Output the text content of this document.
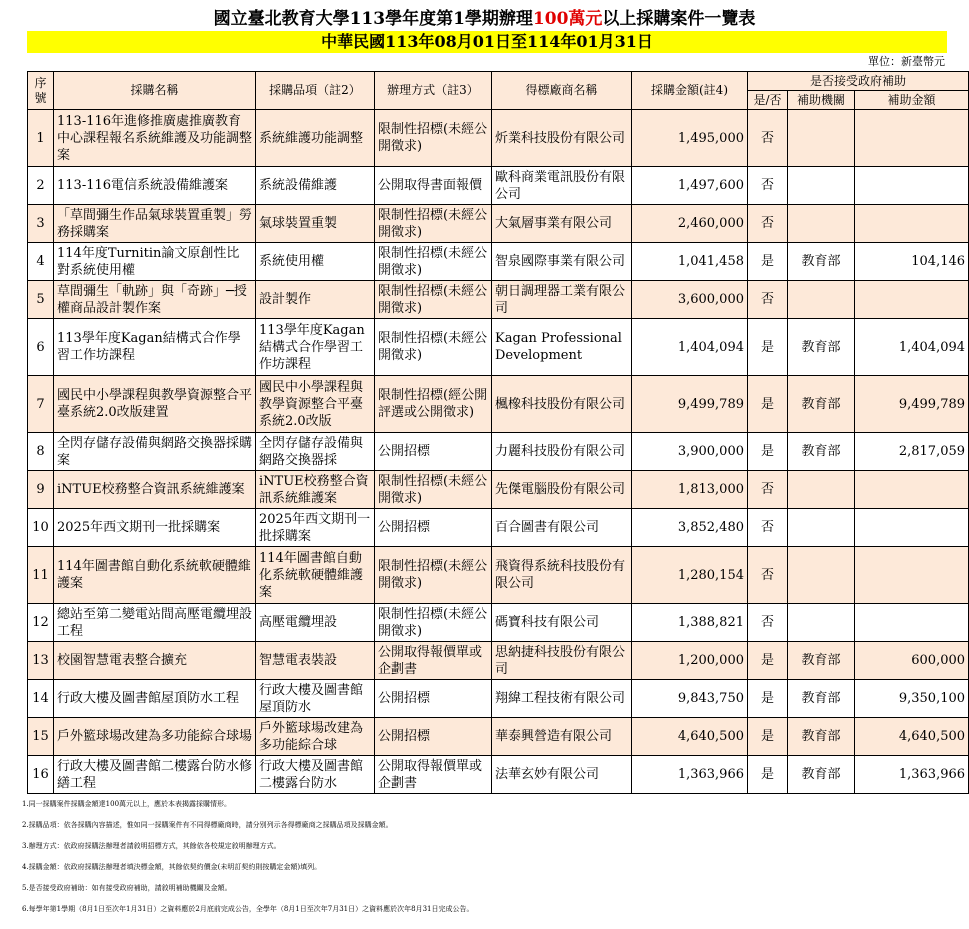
國立臺北教育大學113學年度第1學期辦理100萬元以上採購案件一覽表
中華民國113年08月01日至114年01月31日
單位：新臺幣元
序號	採購名稱	採購品項（註2）	辦理方式（註3）	得標廠商名稱	採購金額(註4)	是否接受政府補助		
						是/否	補助機關	補助金額
1	113-116年進修推廣處推廣教育中心課程報名系統維護及功能調整案	系統維護功能調整	限制性招標(未經公開徵求)	炘業科技股份有限公司	1,495,000	否		
2	113-116電信系統設備維護案	系統設備維護	公開取得書面報價	歐科商業電訊股份有限公司	1,497,600	否		
3	「草間彌生作品氣球裝置重製」勞務採購案	氣球裝置重製	限制性招標(未經公開徵求)	大氣層事業有限公司	2,460,000	否		
4	114年度Turnitin論文原創性比對系統使用權	系統使用權	限制性招標(未經公開徵求)	智泉國際事業有限公司	1,041,458	是	教育部	104,146
5	草間彌生「軌跡」與「奇跡」─授權商品設計製作案	設計製作	限制性招標(未經公開徵求)	朝日調理器工業有限公司	3,600,000	否		
6	113學年度Kagan結構式合作學習工作坊課程	113學年度Kagan結構式合作學習工作坊課程	限制性招標(未經公開徵求)	Kagan Professional Development	1,404,094	是	教育部	1,404,094
7	國民中小學課程與教學資源整合平臺系統2.0改版建置	國民中小學課程與教學資源整合平臺系統2.0改版	限制性招標(經公開評選或公開徵求)	楓橡科技股份有限公司	9,499,789	是	教育部	9,499,789
8	全閃存儲存設備與網路交換器採購案	全閃存儲存設備與網路交換器採	公開招標	力麗科技股份有限公司	3,900,000	是	教育部	2,817,059
9	iNTUE校務整合資訊系統維護案	iNTUE校務整合資訊系統維護案	限制性招標(未經公開徵求)	先傑電腦股份有限公司	1,813,000	否		
10	2025年西文期刊一批採購案	2025年西文期刊一批採購案	公開招標	百合圖書有限公司	3,852,480	否		
11	114年圖書館自動化系統軟硬體維護案	114年圖書館自動化系統軟硬體維護案	限制性招標(未經公開徵求)	飛資得系統科技股份有限公司	1,280,154	否		
12	總站至第二變電站間高壓電纜埋設工程	高壓電纜埋設	限制性招標(未經公開徵求)	碼寶科技有限公司	1,388,821	否		
13	校園智慧電表整合擴充	智慧電表裝設	公開取得報價單或企劃書	思納捷科技股份有限公司	1,200,000	是	教育部	600,000
14	行政大樓及圖書館屋頂防水工程	行政大樓及圖書館屋頂防水	公開招標	翔緯工程技術有限公司	9,843,750	是	教育部	9,350,100
15	戶外籃球場改建為多功能綜合球場	戶外籃球場改建為多功能綜合球	公開招標	華泰興營造有限公司	4,640,500	是	教育部	4,640,500
16	行政大樓及圖書館二樓露台防水修繕工程	行政大樓及圖書館二樓露台防水	公開取得報價單或企劃書	法華玄妙有限公司	1,363,966	是	教育部	1,363,966
1.同一採購案件採購金額達100萬元以上，應於本表揭露採購情形。
2.採購品項：依各採購內容描述，惟如同一採購案件有不同得標廠商時，請分別列示各得標廠商之採購品項及採購金額。
3.辦理方式：依政府採購法辦理者請敘明招標方式，其餘依各校規定敘明辦理方式。
4.採購金額：依政府採購法辦理者填決標金額，其餘依契約價金(未明訂契約則按購定金額)填列。
5.是否接受政府補助：如有接受政府補助，請敘明補助機關及金額。
6.每學年第1學期（8月1日至次年1月31日）之資料應於2月底前完成公告，全學年（8月1日至次年7月31日）之資料應於次年8月31日完成公告。
